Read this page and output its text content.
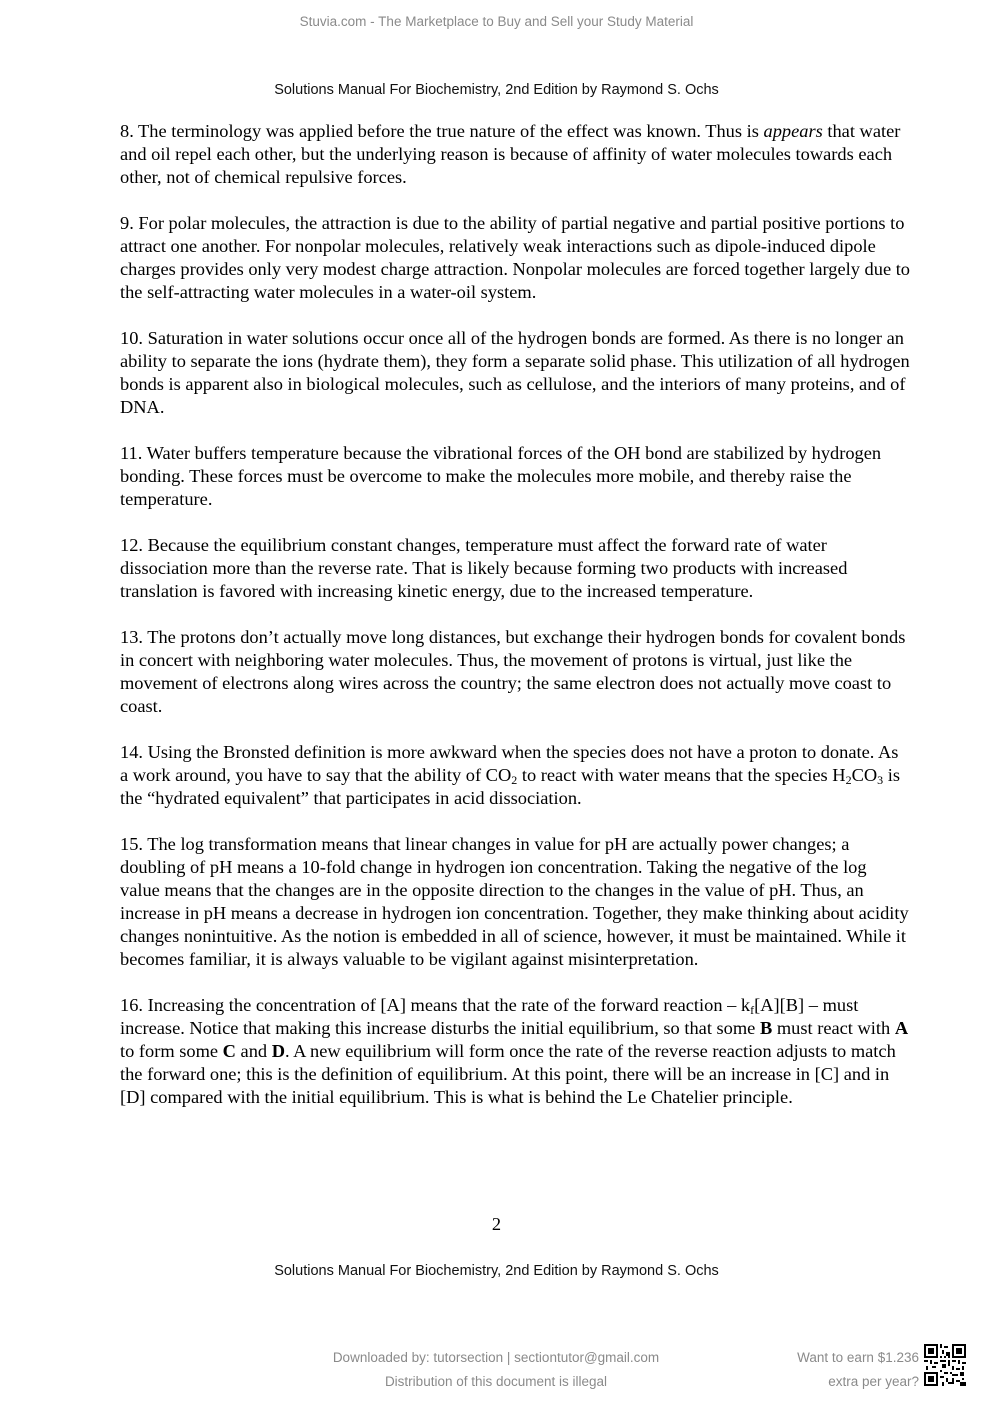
Stuvia.com - The Marketplace to Buy and Sell your Study Material
Solutions Manual For Biochemistry, 2nd Edition by Raymond S. Ochs

8. The terminology was applied before the true nature of the effect was known. Thus is appears that water and oil repel each other, but the underlying reason is because of affinity of water molecules towards each other, not of chemical repulsive forces.

9. For polar molecules, the attraction is due to the ability of partial negative and partial positive portions to attract one another. For nonpolar molecules, relatively weak interactions such as dipole-induced dipole charges provides only very modest charge attraction. Nonpolar molecules are forced together largely due to the self-attracting water molecules in a water-oil system.

10. Saturation in water solutions occur once all of the hydrogen bonds are formed. As there is no longer an ability to separate the ions (hydrate them), they form a separate solid phase. This utilization of all hydrogen bonds is apparent also in biological molecules, such as cellulose, and the interiors of many proteins, and of DNA.

11. Water buffers temperature because the vibrational forces of the OH bond are stabilized by hydrogen bonding. These forces must be overcome to make the molecules more mobile, and thereby raise the temperature.

12. Because the equilibrium constant changes, temperature must affect the forward rate of water dissociation more than the reverse rate. That is likely because forming two products with increased translation is favored with increasing kinetic energy, due to the increased temperature.

13. The protons don’t actually move long distances, but exchange their hydrogen bonds for covalent bonds in concert with neighboring water molecules. Thus, the movement of protons is virtual, just like the movement of electrons along wires across the country; the same electron does not actually move coast to coast.

14. Using the Bronsted definition is more awkward when the species does not have a proton to donate. As a work around, you have to say that the ability of $CO_2$ to react with water means that the species $H_2CO_3$ is the “hydrated equivalent” that participates in acid dissociation.

15. The log transformation means that linear changes in value for pH are actually power changes; a doubling of pH means a 10-fold change in hydrogen ion concentration. Taking the negative of the log value means that the changes are in the opposite direction to the changes in the value of pH. Thus, an increase in pH means a decrease in hydrogen ion concentration. Together, they make thinking about acidity changes nonintuitive. As the notion is embedded in all of science, however, it must be maintained. While it becomes familiar, it is always valuable to be vigilant against misinterpretation.

16. Increasing the concentration of [A] means that the rate of the forward reaction – $k_f[A][B]$ – must increase. Notice that making this increase disturbs the initial equilibrium, so that some B must react with A to form some C and D. A new equilibrium will form once the rate of the reverse reaction adjusts to match the forward one; this is the definition of equilibrium. At this point, there will be an increase in [C] and in [D] compared with the initial equilibrium. This is what is behind the Le Chatelier principle.

2
Solutions Manual For Biochemistry, 2nd Edition by Raymond S. Ochs
Downloaded by: tutorsection | sectiontutor@gmail.com
Distribution of this document is illegal
Want to earn $1.236
extra per year?
